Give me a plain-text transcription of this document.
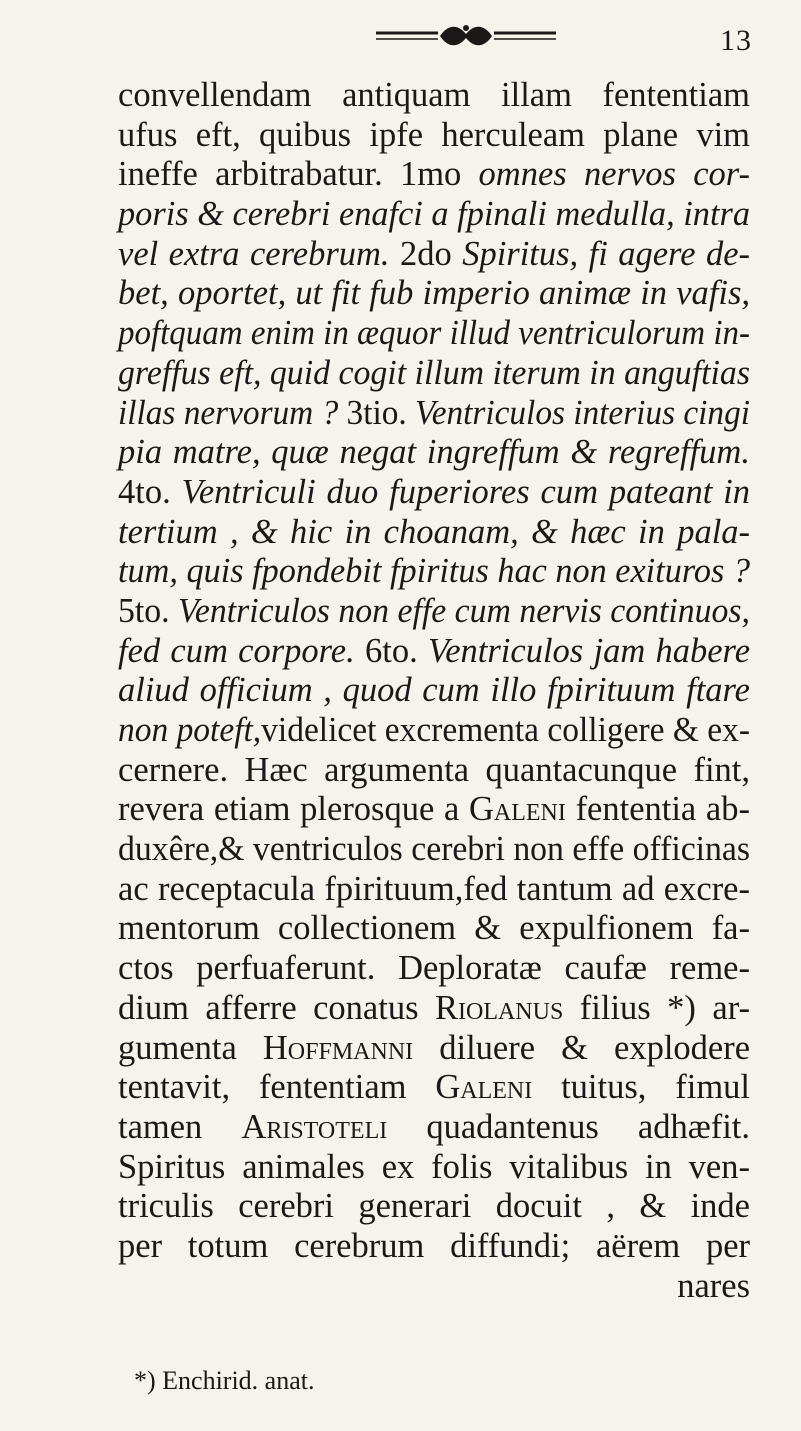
13
convellendam antiquam illam fententiam
ufus eft, quibus ipfe herculeam plane vim
ineffe arbitrabatur. 1mo omnes nervos cor-
poris & cerebri enafci a fpinali medulla, intra
vel extra cerebrum. 2do Spiritus, fi agere de-
bet, oportet, ut fit fub imperio animæ in vafis,
poftquam enim in æquor illud ventriculorum in-
greffus eft, quid cogit illum iterum in anguftias
illas nervorum ? 3tio. Ventriculos interius cingi
pia matre, quæ negat ingreffum & regreffum.
4to. Ventriculi duo fuperiores cum pateant in
tertium , & hic in choanam, & hæc in pala-
tum, quis fpondebit fpiritus hac non exituros ?
5to. Ventriculos non effe cum nervis continuos,
fed cum corpore. 6to. Ventriculos jam habere
aliud officium , quod cum illo fpirituum ftare
non poteft,videlicet excrementa colligere & ex-
cernere. Hæc argumenta quantacunque fint,
revera etiam plerosque a Galeni fententia ab-
duxêre,& ventriculos cerebri non effe officinas
ac receptacula fpirituum,fed tantum ad excre-
mentorum collectionem & expulfionem fa-
ctos perfuaferunt. Deploratæ caufæ reme-
dium afferre conatus Riolanus filius *) ar-
gumenta Hoffmanni diluere & explodere
tentavit, fententiam Galeni tuitus, fimul
tamen Aristoteli quadantenus adhæfit.
Spiritus animales ex folis vitalibus in ven-
triculis cerebri generari docuit , & inde
per totum cerebrum diffundi; aërem per
nares
*) Enchirid. anat.
